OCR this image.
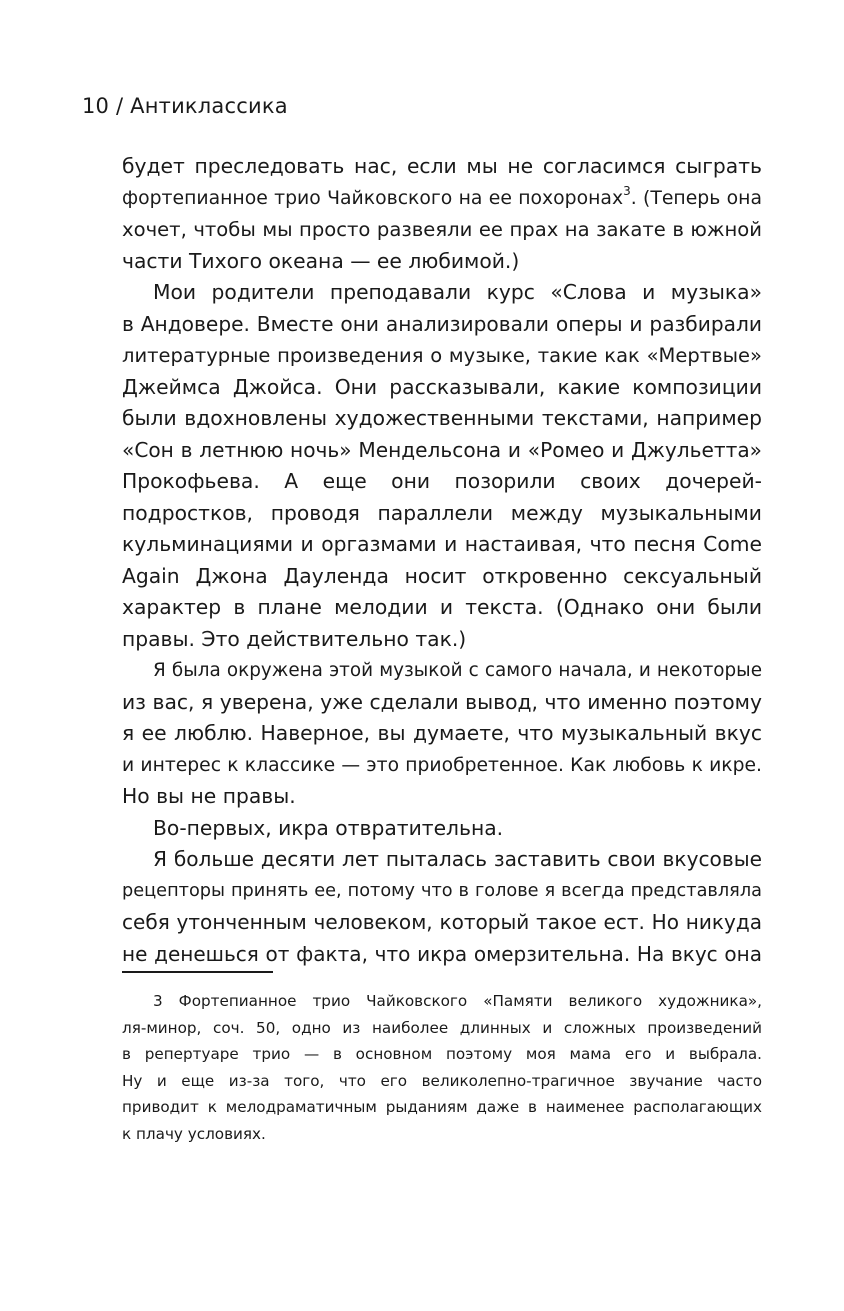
10 / Антиклассика
будет преследовать нас, если мы не согласимся сыграть
фортепианное трио Чайковского на ее похоронах$^3$. (Теперь она
хочет, чтобы мы просто развеяли ее прах на закате в южной
части Тихого океана — ее любимой.)
Мои родители преподавали курс «Слова и музыка»
в Андовере. Вместе они анализировали оперы и разбирали
литературные произведения о музыке, такие как «Мертвые»
Джеймса Джойса. Они рассказывали, какие композиции
были вдохновлены художественными текстами, например
«Сон в летнюю ночь» Мендельсона и «Ромео и Джульетта»
Прокофьева. А еще они позорили своих дочерей-
подростков, проводя параллели между музыкальными
кульминациями и оргазмами и настаивая, что песня Come
Again Джона Дауленда носит откровенно сексуальный
характер в плане мелодии и текста. (Однако они были
правы. Это действительно так.)
Я была окружена этой музыкой с самого начала, и некоторые
из вас, я уверена, уже сделали вывод, что именно поэтому
я ее люблю. Наверное, вы думаете, что музыкальный вкус
и интерес к классике — это приобретенное. Как любовь к икре.
Но вы не правы.
Во-первых, икра отвратительна.
Я больше десяти лет пыталась заставить свои вкусовые
рецепторы принять ее, потому что в голове я всегда представляла
себя утонченным человеком, который такое ест. Но никуда
не денешься от факта, что икра омерзительна. На вкус она
3 Фортепианное трио Чайковского «Памяти великого художника»,
ля-минор, соч. 50, одно из наиболее длинных и сложных произведений
в репертуаре трио — в основном поэтому моя мама его и выбрала.
Ну и еще из-за того, что его великолепно-трагичное звучание часто
приводит к мелодраматичным рыданиям даже в наименее располагающих
к плачу условиях.
